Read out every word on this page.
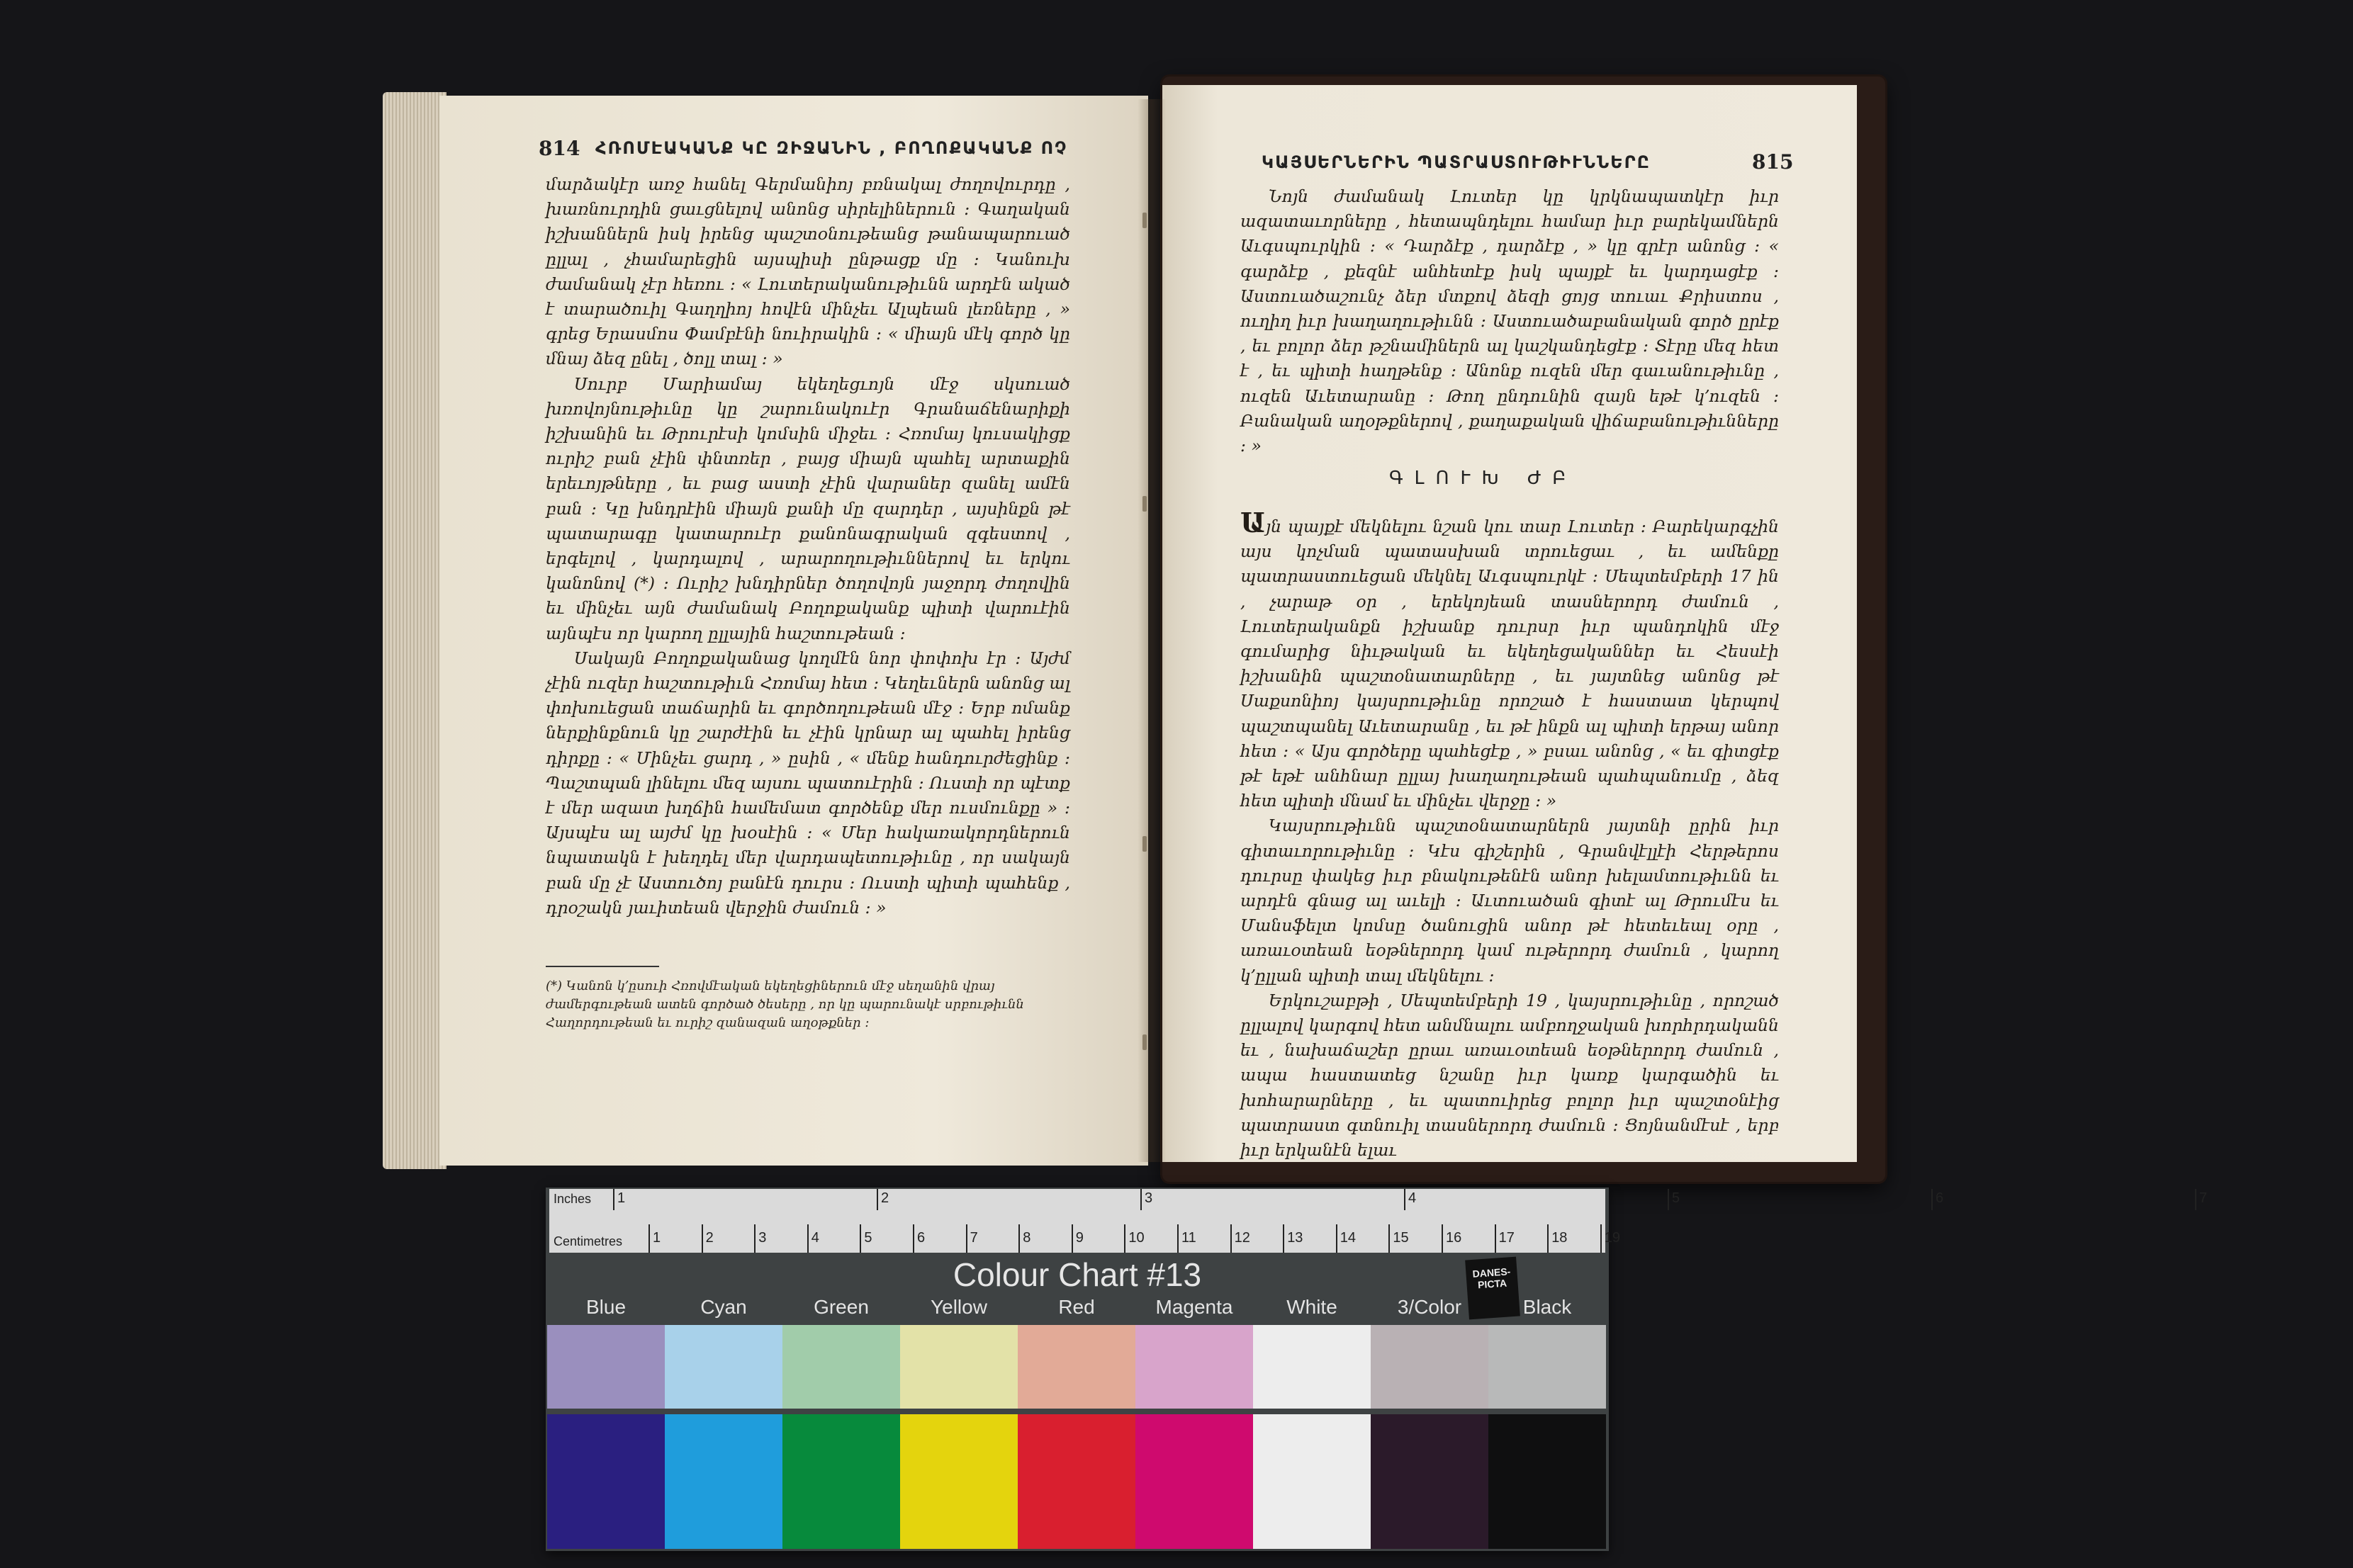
814 ՀՌՈՄԷԱԿԱՆՔ ԿԸ ԶԻՋԱՆԻՆ , ԲՈՂՈՔԱԿԱՆՔ ՈՉ

մարձակէր առջ հանել Գերմանիոյ բռնակալ ժողովուրդը , խառնուրդին ցաւցնելով անոնց սիրելիներուն ։ Գաղական իշխաններն իսկ իրենց պաշտօնութեանց թանապարուած ըլլալ , չհամարեցին այսպիսի ընթացք մը ։ Կանուխ ժամանակ չէր հեռու ։ « Լուտերականութիւնն արդէն ակած է տարածուիլ Գաղղիոյ հովէն մինչեւ Ալպեան լեռները , » գրեց Երասմոս Փամբէնի նուիրակին ։ « միայն մէկ գործ կը մնայ ձեզ ընել , ծոլլ տալ ։ »

Սուրբ Մարիամայ եկեղեցւոյն մէջ սկսուած խռովոյնութիւնը կը շարունակուէր Գրանաճենարիքի իշխանին եւ Թրուրէսի կոմսին միջեւ ։ Հռոմայ կուսակիցք ուրիշ բան չէին փնտռեր , բայց միայն պահել արտաքին երեւոյթները , եւ բաց աստի չէին վարաներ զանել ամէն բան ։ Կը խնդրէին միայն քանի մը զարդեր , այսինքն թէ պատարագը կատարուէր քանոնագրական զգեստով , երգելով , կարդալով , արարողութիւններով եւ երկու կանոնով (*) ։ Ուրիշ խնդիրներ ծողովոյն յաջորդ ժողովին եւ մինչեւ այն ժամանակ Բողոքականք պիտի վարուէին այնպէս որ կարող ըլլային հաշտութեան ։

Սակայն Բողոքականաց կողմէն նոր փոփոխ էր ։ Այժմ չէին ուզեր հաշտութիւն Հռոմայ հետ ։ Կեղեւներն անոնց ալ փոխուեցան տաճարին եւ գործողութեան մէջ ։ Երբ ոմանք ներքինքնուն կը շարժէին եւ չէին կրնար ալ պահել իրենց դիրքը ։ « Մինչեւ ցարդ , » ըսին , « մենք հանդուրժեցինք ։ Պաշտպան լինելու մեզ այսու պատուէրին ։ Ուստի որ պէտք է մեր ազատ խղճին համեմատ գործենք մեր ուսմունքը » ։ Այսպէս ալ այժմ կը խօսէին ։ « Մեր հակառակորդներուն նպատակն է խեղդել մեր վարդապետութիւնը , որ սակայն բան մը չէ Աստուծոյ բանէն դուրս ։ Ուստի պիտի պահենք , դրօշակն յաւիտեան վերջին ժամուն ։ »

(*) Կանոն կ՚ըսուի Հռովմէական եկեղեցիներուն մէջ սեղանին վրայ ժամերգութեան ատեն գործած ծեսերը , որ կը պարունակէ սրբութիւնն Հաղորդութեան եւ ուրիշ զանազան աղօթքներ ։
ԿԱՅՍԵՐՆԵՐԻՆ ՊԱՏՐԱՍՏՈՒԹԻՒՆՆԵՐԸ	815

Նոյն ժամանակ Լուտեր կը կրկնապատկէր իւր ազատաւորները , հետապնդելու համար իւր բարեկամներն Աւգսպուրկին ։ « Դարձէք , դարձէք , » կը գրէր անոնց ։ « գարձէք , քեզնէ անհետէք իսկ պայքէ եւ կարդացէք ։ Աստուածաշունչ ձեր մտքով ձեզի ցոյց տուաւ Քրիստոս , ուղիղ իւր խաղաղութիւնն ։ Աստուածաբանական գործ ըրէք , եւ բոլոր ձեր թշնամիներն ալ կաշկանդեցէք ։ Տէրը մեզ հետ է , եւ պիտի հաղթենք ։ Անոնք ուզեն մեր գաւանութիւնը , ուզեն Աւետարանը ։ Թող ընդունին զայն եթէ կ՚ուզեն ։ Բանական աղօթքներով , քաղաքական վիճաբանութիւնները ։ »

ԳԼՈՒԽ ԺԲ

Այն պայքէ մեկնելու նշան կու տար Լուտեր ։ Բարեկարգչին այս կոչման պատասխան տրուեցաւ , եւ ամենքը պատրաստուեցան մեկնել Աւգսպուրկէ ։ Սեպտեմբերի 17 ին , չարաթ օր , երեկոյեան տասներորդ ժամուն , Լուտերականքն իշխանք դուրսր իւր պանդոկին մէջ գումարից նիւթական եւ եկեղեցականներ եւ Հեսսէի իշխանին պաշտօնատարները , եւ յայտնեց անոնց թէ Սաքսոնիոյ կայսրութիւնը որոշած է հաստատ կերպով պաշտպանել Աւետարանը , եւ թէ ինքն ալ պիտի երթայ անոր հետ ։ « Այս գործերը պահեցէք , » բսաւ անոնց , « եւ գիտցէք թէ եթէ անհնար ըլլայ խաղաղութեան պահպանումը , ձեզ հետ պիտի մնամ եւ մինչեւ վերջը ։ »

Կայսրութիւնն պաշտօնատարներն յայտնի ըրին իւր գիտաւորութիւնը ։ Կէս գիշերին , Գրանվէլլէի Հերթերոս դուրսը փակեց իւր բնակութենէն անոր խելամտութիւնն եւ արդէն գնաց ալ աւելի ։ Աւտուածան գիտէ ալ Թրումէս եւ Մանսֆելտ կոմսը ծանուցին անոր թէ հետեւեալ օրը , առաւօտեան եօթներորդ կամ ութերորդ ժամուն , կարող կ՚ըլլան պիտի տալ մեկնելու ։

Երկուշաբթի , Սեպտեմբերի 19 , կայսրութիւնը , որոշած ըլլալով կարգով հետ անմնալու ամբողջական խորհրդականն եւ , նախաճաշեր ըրաւ առաւօտեան եօթներորդ ժամուն , ապա հաստատեց նշանը իւր կառք կարգածին եւ խոհարարները , եւ պատուիրեց բոլոր իւր պաշտօնէից պատրաստ գտնուիլ տասներորդ ժամուն ։ Ցոյնանմէսէ , երբ իւր երկանէն ելաւ

Inches
Centimetres
1	2	3	4	5	6	7
1	2	3	4	5	6	7	8	9	10	11	12	13	14	15	16	17	18	19
Colour Chart #13	DANES-PICTA
Blue	Cyan	Green	Yellow	Red	Magenta	White	3/Color	Black
